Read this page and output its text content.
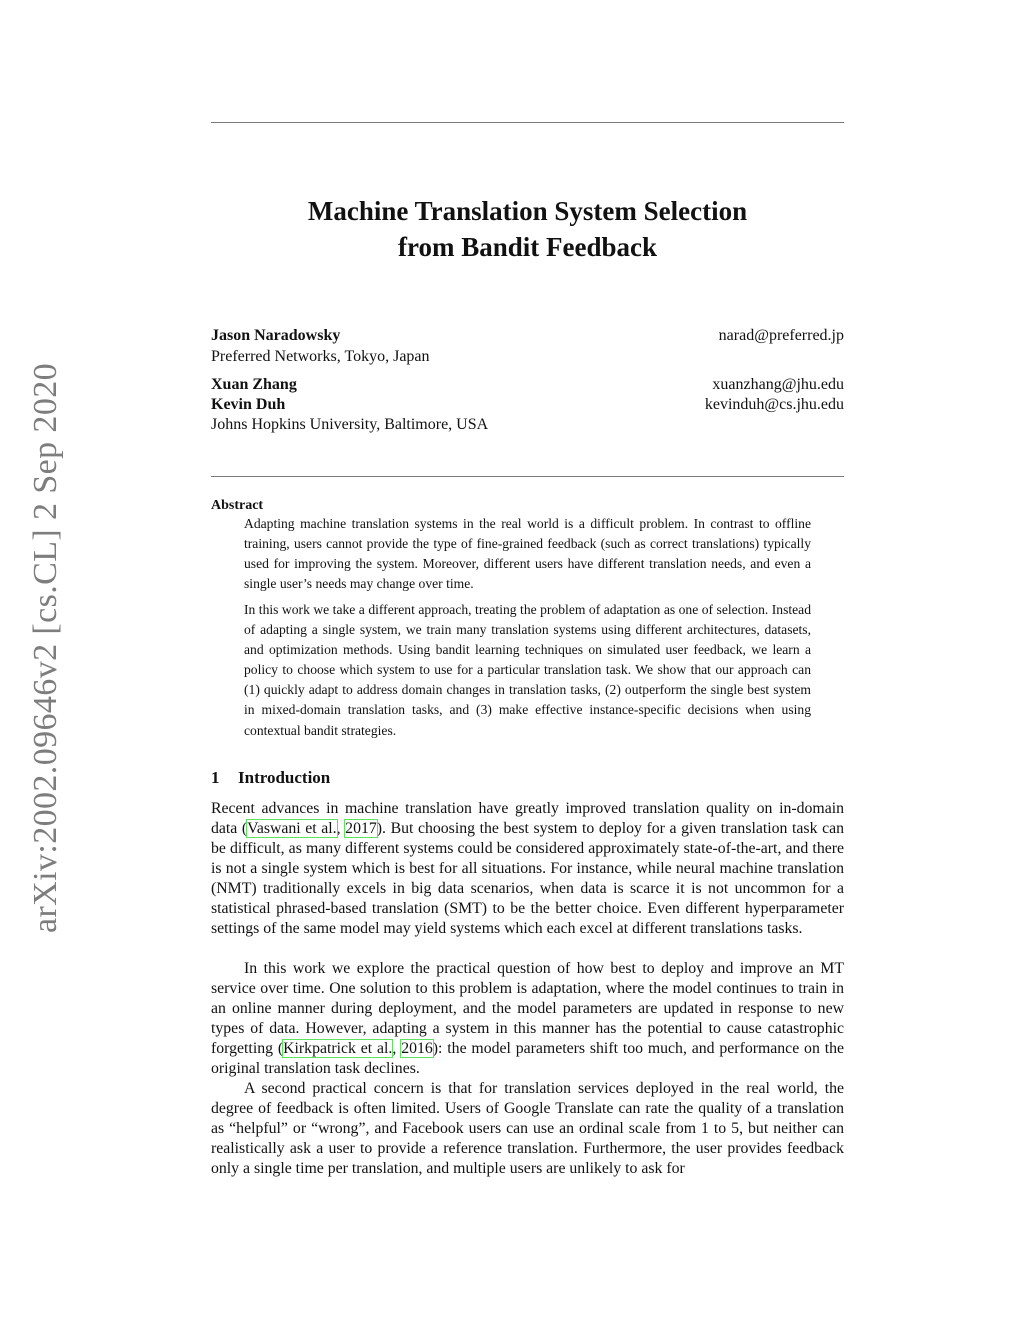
arXiv:2002.09646v2 [cs.CL] 2 Sep 2020
Machine Translation System Selection
from Bandit Feedback
Jason Naradowsky	narad@preferred.jp
Preferred Networks, Tokyo, Japan
Xuan Zhang	xuanzhang@jhu.edu
Kevin Duh	kevinduh@cs.jhu.edu
Johns Hopkins University, Baltimore, USA
Abstract

Adapting machine translation systems in the real world is a difficult problem. In contrast to offline training, users cannot provide the type of fine-grained feedback (such as correct translations) typically used for improving the system. Moreover, different users have different translation needs, and even a single user’s needs may change over time.

In this work we take a different approach, treating the problem of adaptation as one of selection. Instead of adapting a single system, we train many translation systems using different architectures, datasets, and optimization methods. Using bandit learning techniques on simulated user feedback, we learn a policy to choose which system to use for a particular translation task. We show that our approach can (1) quickly adapt to address domain changes in translation tasks, (2) outperform the single best system in mixed-domain translation tasks, and (3) make effective instance-specific decisions when using contextual bandit strategies.

1 Introduction

Recent advances in machine translation have greatly improved translation quality on in-domain data (Vaswani et al., 2017). But choosing the best system to deploy for a given translation task can be difficult, as many different systems could be considered approximately state-of-the-art, and there is not a single system which is best for all situations. For instance, while neural machine translation (NMT) traditionally excels in big data scenarios, when data is scarce it is not uncommon for a statistical phrased-based translation (SMT) to be the better choice. Even different hyperparameter settings of the same model may yield systems which each excel at different translations tasks.

In this work we explore the practical question of how best to deploy and improve an MT service over time. One solution to this problem is adaptation, where the model continues to train in an online manner during deployment, and the model parameters are updated in response to new types of data. However, adapting a system in this manner has the potential to cause catastrophic forgetting (Kirkpatrick et al., 2016): the model parameters shift too much, and performance on the original translation task declines.

A second practical concern is that for translation services deployed in the real world, the degree of feedback is often limited. Users of Google Translate can rate the quality of a translation as “helpful” or “wrong”, and Facebook users can use an ordinal scale from 1 to 5, but neither can realistically ask a user to provide a reference translation. Furthermore, the user provides feedback only a single time per translation, and multiple users are unlikely to ask for
